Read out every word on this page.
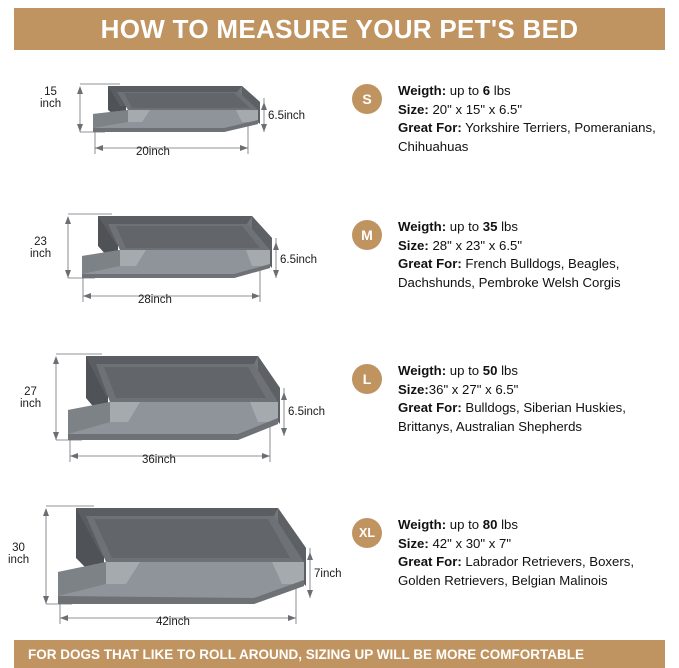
HOW TO MEASURE YOUR PET'S BED
15
inch
20inch
6.5inch
S
Weigth: up to 6 lbs
Size: 20" x 15" x 6.5"
Great For: Yorkshire Terriers, Pomeranians, Chihuahuas
23
inch
28inch
6.5inch
M
Weigth: up to 35 lbs
Size: 28" x 23" x 6.5"
Great For: French Bulldogs, Beagles, Dachshunds, Pembroke Welsh Corgis
27
inch
36inch
6.5inch
L
Weigth: up to 50 lbs
Size:36" x 27" x 6.5"
Great For: Bulldogs, Siberian Huskies, Brittanys, Australian Shepherds
30
inch
42inch
7inch
XL
Weigth: up to 80 lbs
Size: 42" x 30" x 7"
Great For: Labrador Retrievers, Boxers, Golden Retrievers, Belgian Malinois
FOR DOGS THAT LIKE TO ROLL AROUND, SIZING UP WILL BE MORE COMFORTABLE
